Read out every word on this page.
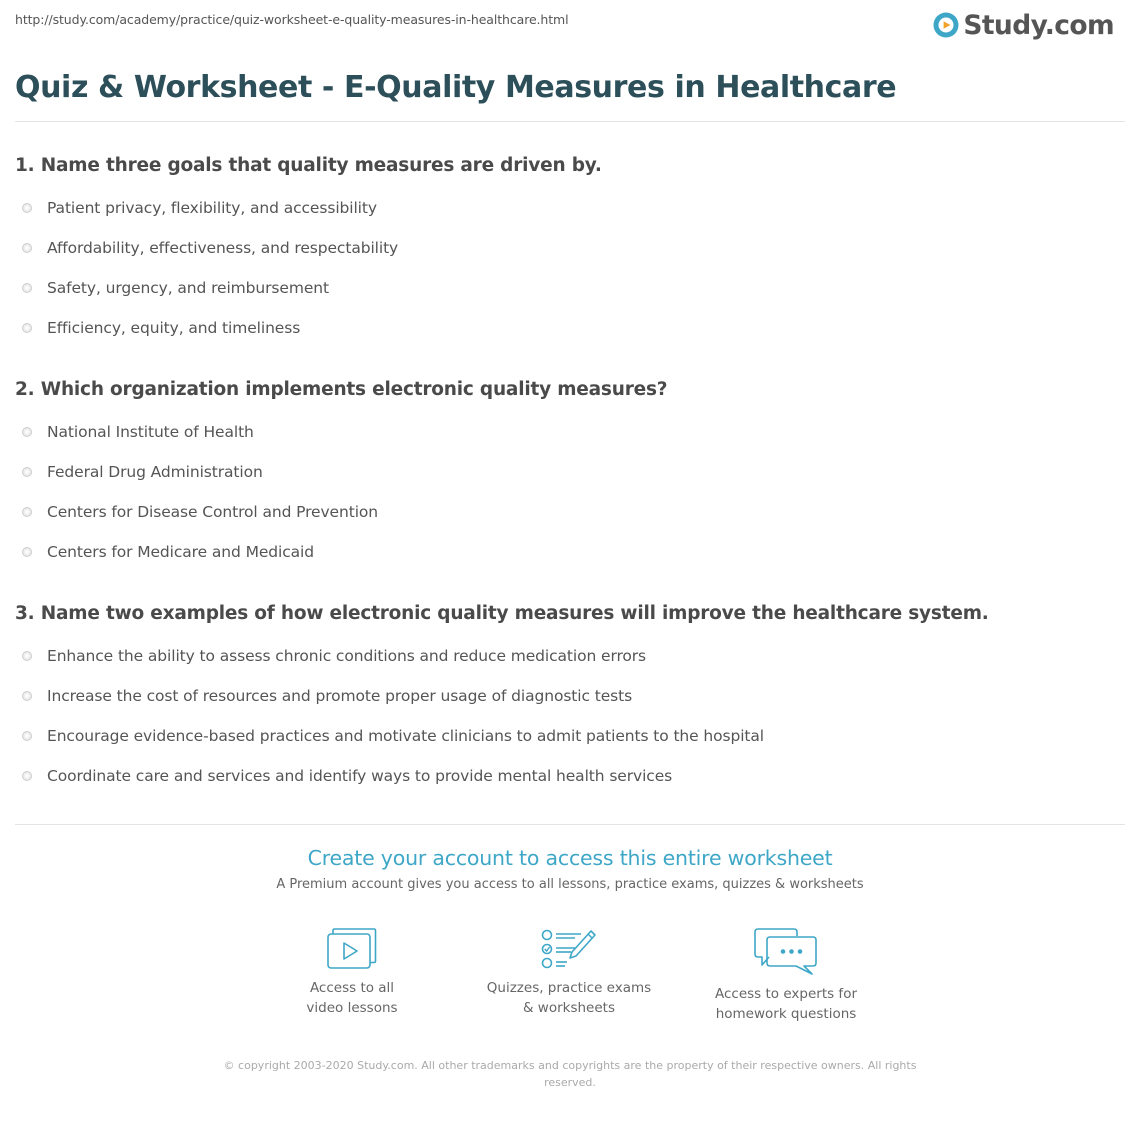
http://study.com/academy/practice/quiz-worksheet-e-quality-measures-in-healthcare.html	Study.com
Quiz & Worksheet - E-Quality Measures in Healthcare
1. Name three goals that quality measures are driven by.
Patient privacy, flexibility, and accessibility
Affordability, effectiveness, and respectability
Safety, urgency, and reimbursement
Efficiency, equity, and timeliness
2. Which organization implements electronic quality measures?
National Institute of Health
Federal Drug Administration
Centers for Disease Control and Prevention
Centers for Medicare and Medicaid
3. Name two examples of how electronic quality measures will improve the healthcare system.
Enhance the ability to assess chronic conditions and reduce medication errors
Increase the cost of resources and promote proper usage of diagnostic tests
Encourage evidence-based practices and motivate clinicians to admit patients to the hospital
Coordinate care and services and identify ways to provide mental health services
Create your account to access this entire worksheet
A Premium account gives you access to all lessons, practice exams, quizzes & worksheets
Access to all
video lessons
Quizzes, practice exams
& worksheets
Access to experts for
homework questions
© copyright 2003-2020 Study.com. All other trademarks and copyrights are the property of their respective owners. All rights reserved.
